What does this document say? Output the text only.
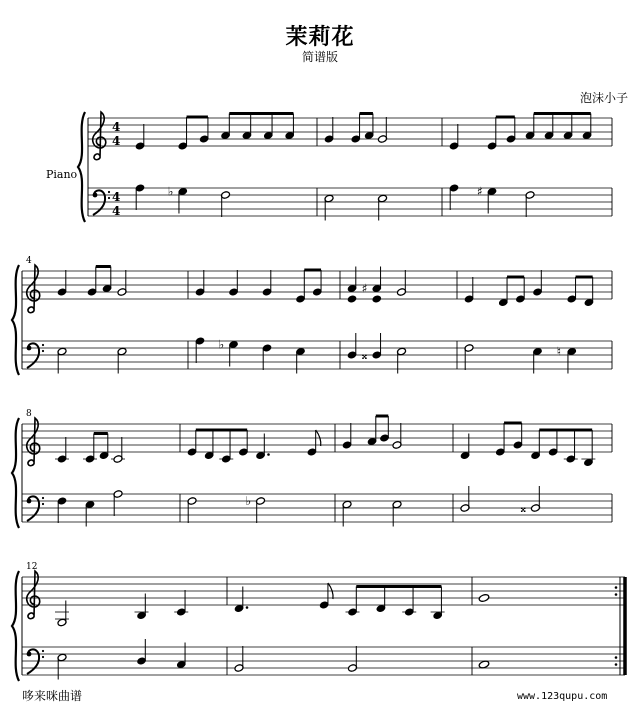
茉莉花
简谱版
泡沫小子
4
4
4
4
Piano
♭	♯
4
♭
♯
𝄪	♮
8
♭	𝄪
12
哆来咪曲谱	www.123qupu.com
